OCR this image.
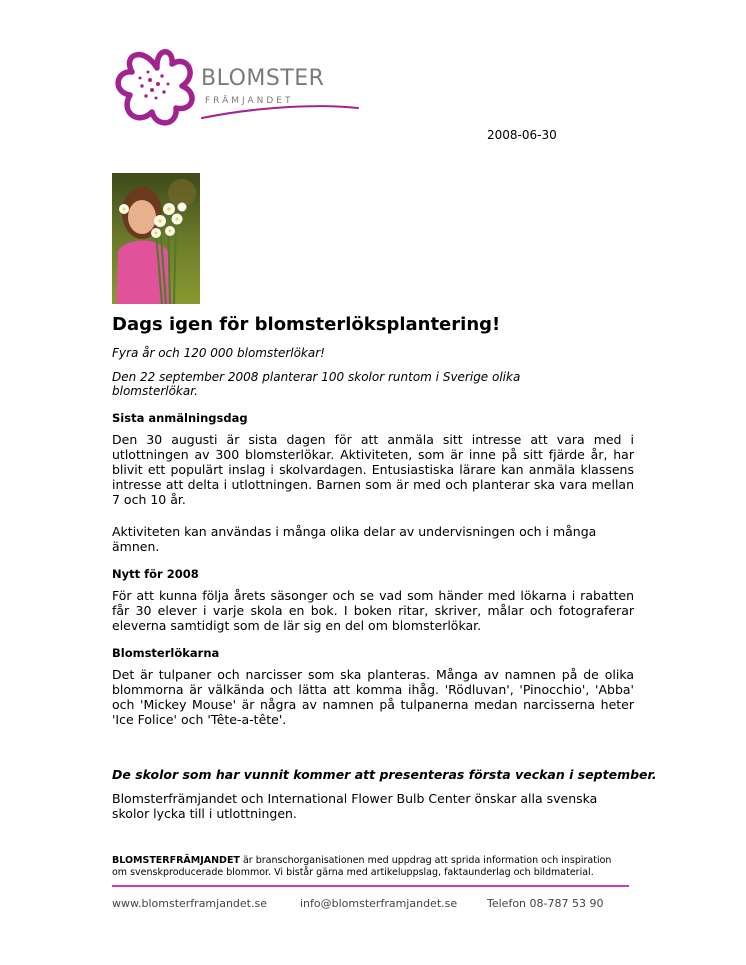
BLOMSTER
FRÄMJANDET
2008-06-30
Dags igen för blomsterlöksplantering!
Fyra år och 120 000 blomsterlökar!
Den 22 september 2008 planterar 100 skolor runtom i Sverige olika blomsterlökar.
Sista anmälningsdag
Den 30 augusti är sista dagen för att anmäla sitt intresse att vara med i utlottningen av 300 blomsterlökar. Aktiviteten, som är inne på sitt fjärde år, har blivit ett populärt inslag i skolvardagen. Entusiastiska lärare kan anmäla klassens intresse att delta i utlottningen. Barnen som är med och planterar ska vara mellan 7 och 10 år.
Aktiviteten kan användas i många olika delar av undervisningen och i många ämnen.
Nytt för 2008
För att kunna följa årets säsonger och se vad som händer med lökarna i rabatten får 30 elever i varje skola en bok. I boken ritar, skriver, målar och fotograferar eleverna samtidigt som de lär sig en del om blomsterlökar.
Blomsterlökarna
Det är tulpaner och narcisser som ska planteras. Många av namnen på de olika blommorna är välkända och lätta att komma ihåg. 'Rödluvan', 'Pinocchio', 'Abba' och 'Mickey Mouse' är några av namnen på tulpanerna medan narcisserna heter 'Ice Folice' och 'Tête-a-tête'.
De skolor som har vunnit kommer att presenteras första veckan i september.
Blomsterfrämjandet och International Flower Bulb Center önskar alla svenska skolor lycka till i utlottningen.
BLOMSTERFRÄMJANDET är branschorganisationen med uppdrag att sprida information och inspiration
om svenskproducerade blommor. Vi bistår gärna med artikeluppslag, faktaunderlag och bildmaterial.
www.blomsterframjandet.se	info@blomsterframjandet.se	Telefon 08-787 53 90
